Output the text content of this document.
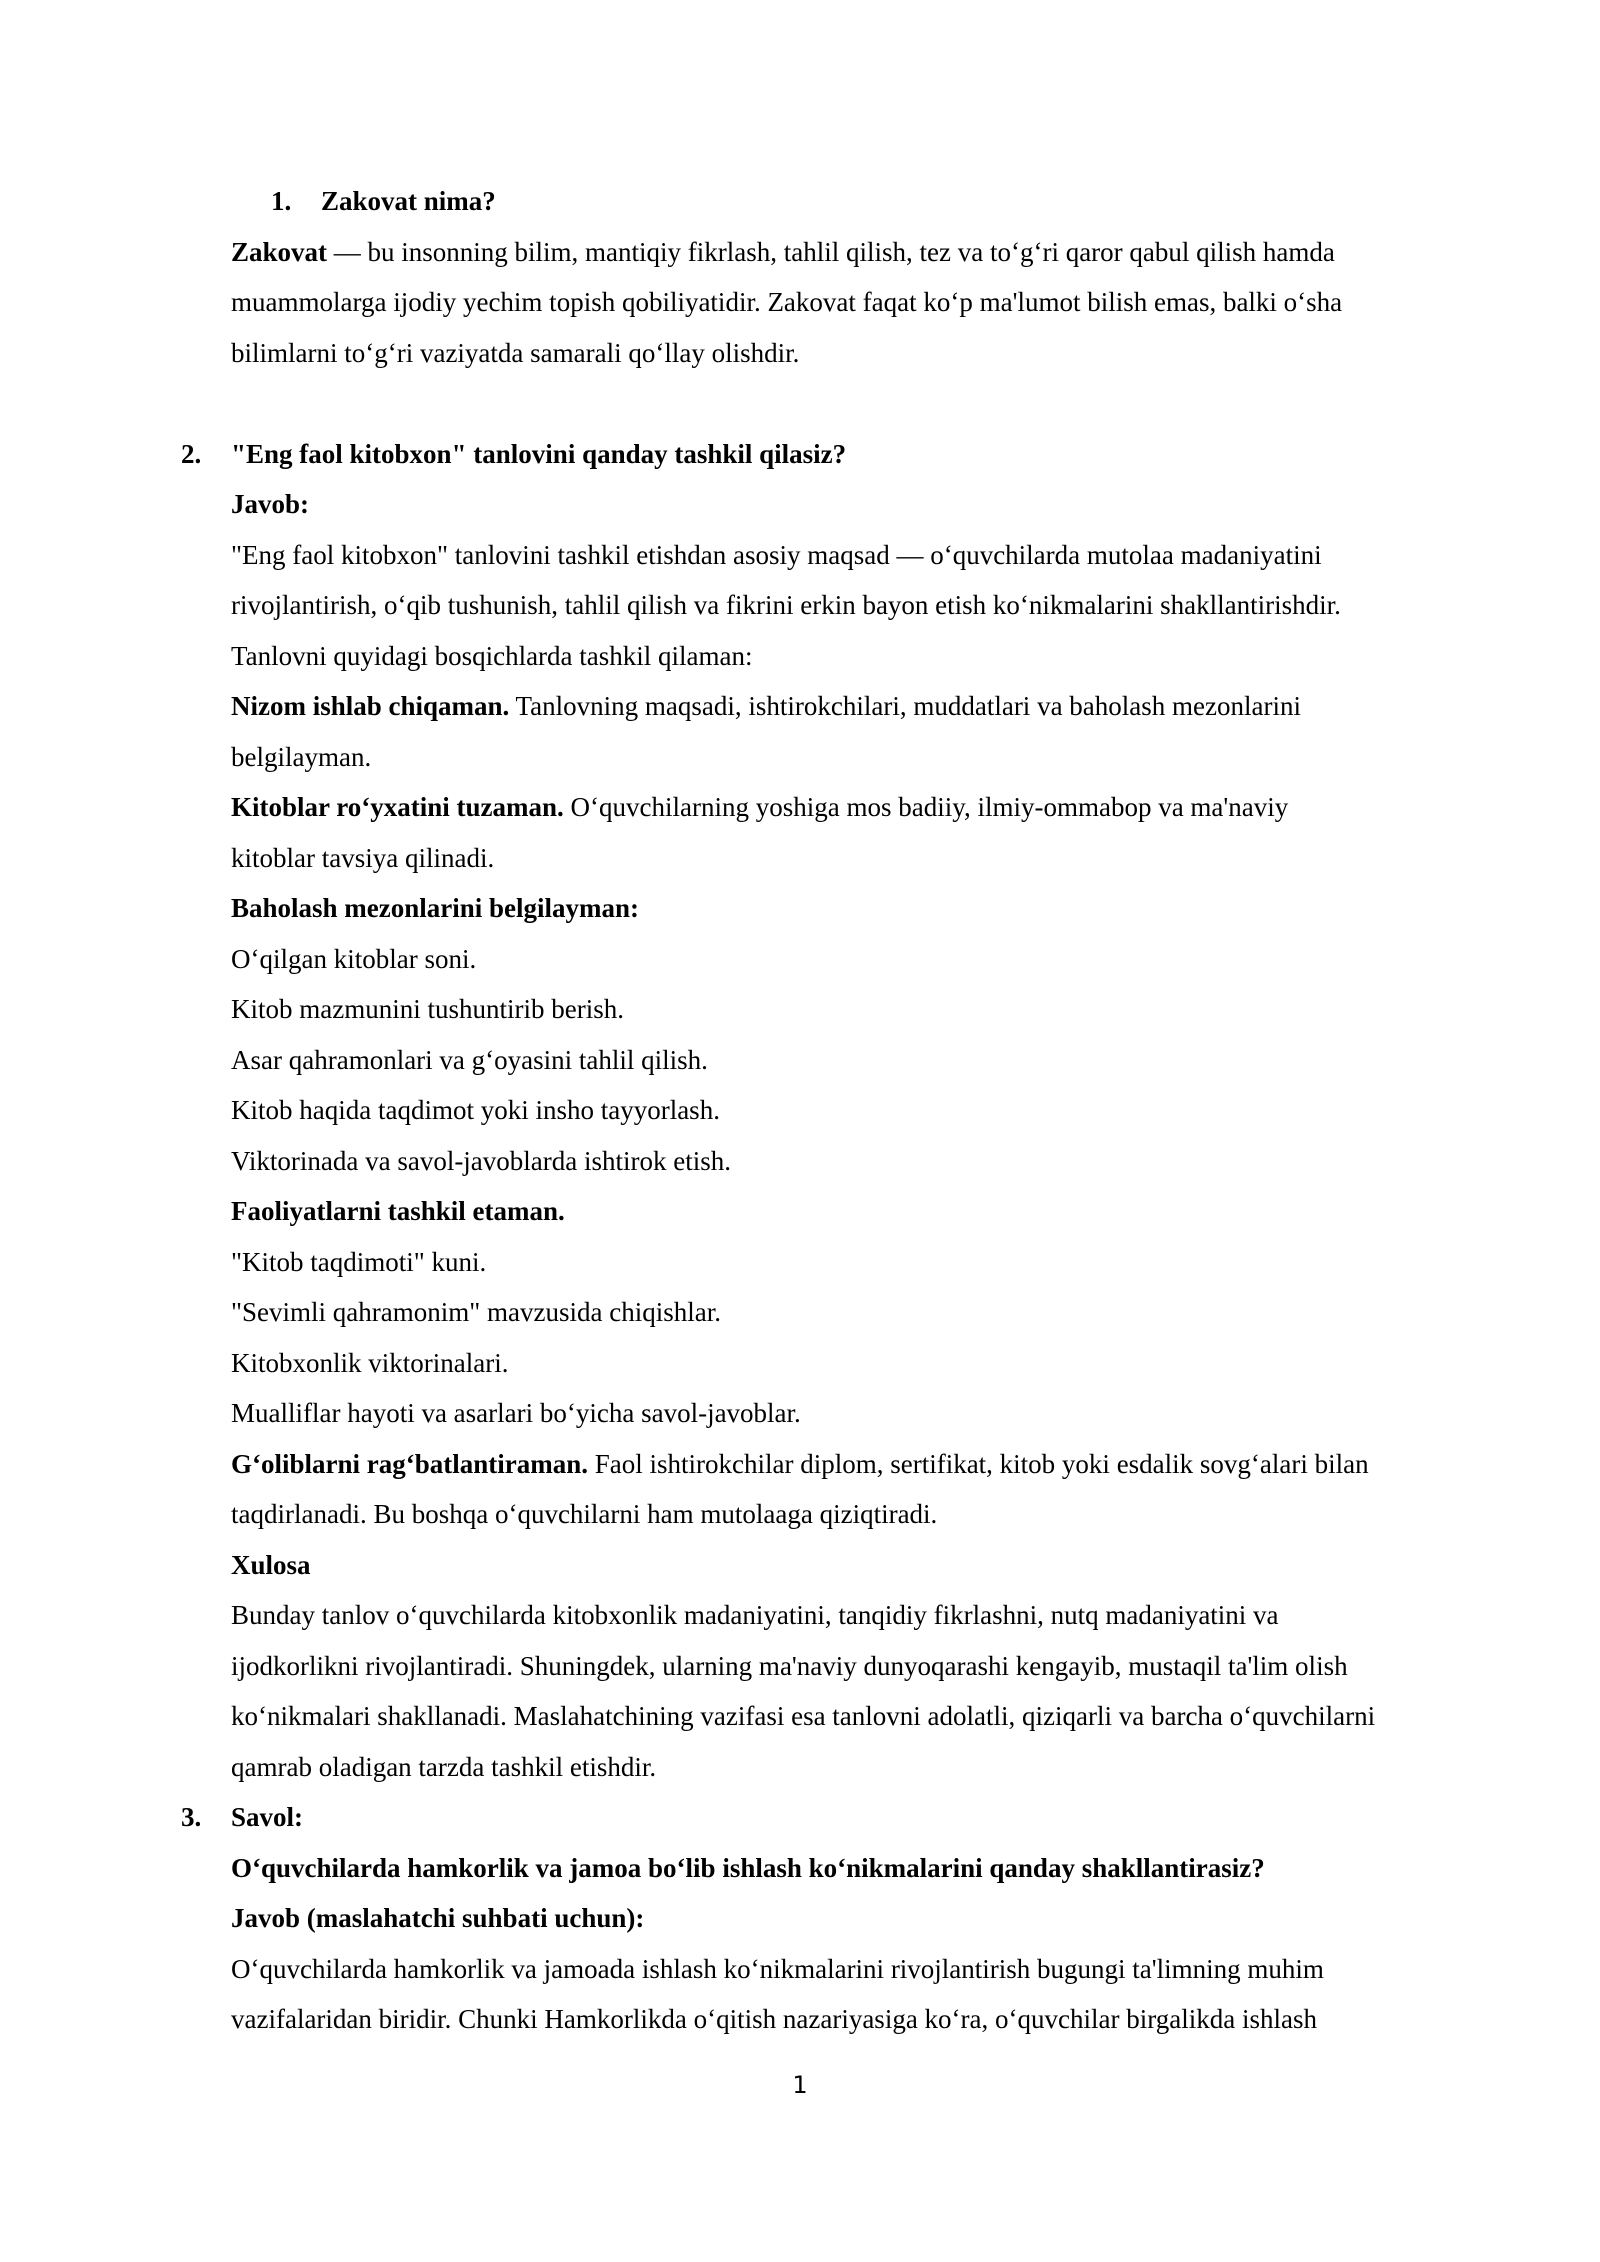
1. Zakovat nima?
Zakovat — bu insonning bilim, mantiqiy fikrlash, tahlil qilish, tez va to‘g‘ri qaror qabul qilish hamda
muammolarga ijodiy yechim topish qobiliyatidir. Zakovat faqat ko‘p ma'lumot bilish emas, balki o‘sha
bilimlarni to‘g‘ri vaziyatda samarali qo‘llay olishdir.
2. "Eng faol kitobxon" tanlovini qanday tashkil qilasiz?
Javob:
"Eng faol kitobxon" tanlovini tashkil etishdan asosiy maqsad — o‘quvchilarda mutolaa madaniyatini
rivojlantirish, o‘qib tushunish, tahlil qilish va fikrini erkin bayon etish ko‘nikmalarini shakllantirishdir.
Tanlovni quyidagi bosqichlarda tashkil qilaman:
Nizom ishlab chiqaman. Tanlovning maqsadi, ishtirokchilari, muddatlari va baholash mezonlarini
belgilayman.
Kitoblar ro‘yxatini tuzaman. O‘quvchilarning yoshiga mos badiiy, ilmiy-ommabop va ma'naviy
kitoblar tavsiya qilinadi.
Baholash mezonlarini belgilayman:
O‘qilgan kitoblar soni.
Kitob mazmunini tushuntirib berish.
Asar qahramonlari va g‘oyasini tahlil qilish.
Kitob haqida taqdimot yoki insho tayyorlash.
Viktorinada va savol-javoblarda ishtirok etish.
Faoliyatlarni tashkil etaman.
"Kitob taqdimoti" kuni.
"Sevimli qahramonim" mavzusida chiqishlar.
Kitobxonlik viktorinalari.
Mualliflar hayoti va asarlari bo‘yicha savol-javoblar.
G‘oliblarni rag‘batlantiraman. Faol ishtirokchilar diplom, sertifikat, kitob yoki esdalik sovg‘alari bilan
taqdirlanadi. Bu boshqa o‘quvchilarni ham mutolaaga qiziqtiradi.
Xulosa
Bunday tanlov o‘quvchilarda kitobxonlik madaniyatini, tanqidiy fikrlashni, nutq madaniyatini va
ijodkorlikni rivojlantiradi. Shuningdek, ularning ma'naviy dunyoqarashi kengayib, mustaqil ta'lim olish
ko‘nikmalari shakllanadi. Maslahatchining vazifasi esa tanlovni adolatli, qiziqarli va barcha o‘quvchilarni
qamrab oladigan tarzda tashkil etishdir.
3. Savol:
O‘quvchilarda hamkorlik va jamoa bo‘lib ishlash ko‘nikmalarini qanday shakllantirasiz?
Javob (maslahatchi suhbati uchun):
O‘quvchilarda hamkorlik va jamoada ishlash ko‘nikmalarini rivojlantirish bugungi ta'limning muhim
vazifalaridan biridir. Chunki Hamkorlikda o‘qitish nazariyasiga ko‘ra, o‘quvchilar birgalikda ishlash
1
